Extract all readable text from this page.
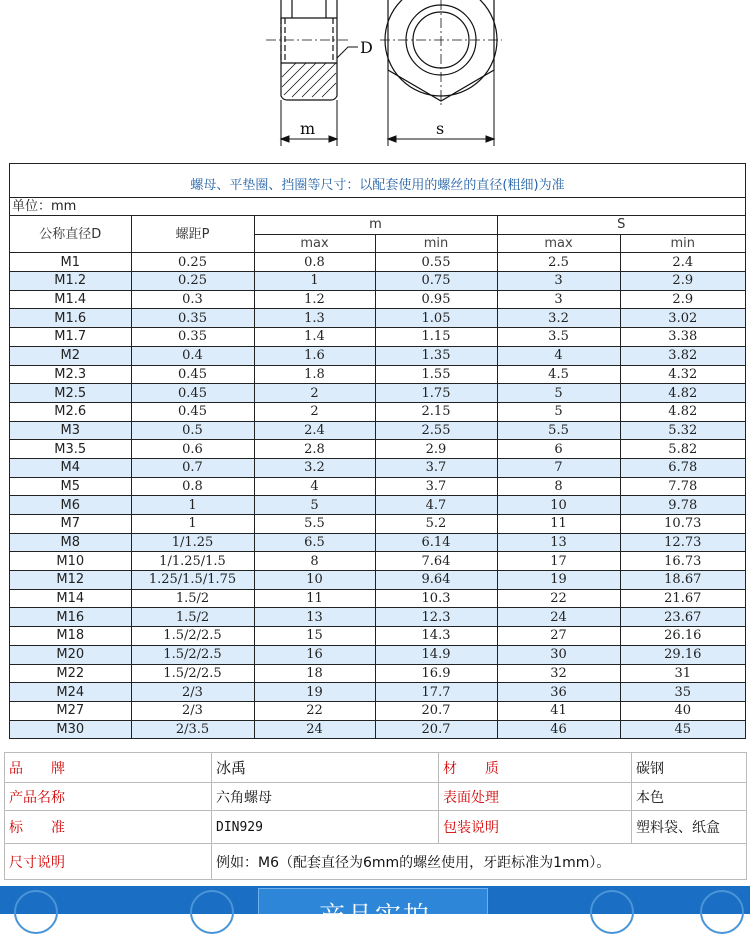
D
m	s
螺母、平垫圈、挡圈等尺寸：以配套使用的螺丝的直径(粗细)为准
单位：mm
公称直径D	螺距P	m		S	
		max	min	max	min
M1	0.25	0.8	0.55	2.5	2.4
M1.2	0.25	1	0.75	3	2.9
M1.4	0.3	1.2	0.95	3	2.9
M1.6	0.35	1.3	1.05	3.2	3.02
M1.7	0.35	1.4	1.15	3.5	3.38
M2	0.4	1.6	1.35	4	3.82
M2.3	0.45	1.8	1.55	4.5	4.32
M2.5	0.45	2	1.75	5	4.82
M2.6	0.45	2	2.15	5	4.82
M3	0.5	2.4	2.55	5.5	5.32
M3.5	0.6	2.8	2.9	6	5.82
M4	0.7	3.2	3.7	7	6.78
M5	0.8	4	3.7	8	7.78
M6	1	5	4.7	10	9.78
M7	1	5.5	5.2	11	10.73
M8	1/1.25	6.5	6.14	13	12.73
M10	1/1.25/1.5	8	7.64	17	16.73
M12	1.25/1.5/1.75	10	9.64	19	18.67
M14	1.5/2	11	10.3	22	21.67
M16	1.5/2	13	12.3	24	23.67
M18	1.5/2/2.5	15	14.3	27	26.16
M20	1.5/2/2.5	16	14.9	30	29.16
M22	1.5/2/2.5	18	16.9	32	31
M24	2/3	19	17.7	36	35
M27	2/3	22	20.7	41	40
M30	2/3.5	24	20.7	46	45
品　　牌	冰禹	材　　质	碳钢
产品名称	六角螺母	表面处理	本色
标　　准	DIN929	包装说明	塑料袋、纸盒
尺寸说明	例如：M6（配套直径为6mm的螺丝使用，牙距标准为1mm）。		
产品实拍
